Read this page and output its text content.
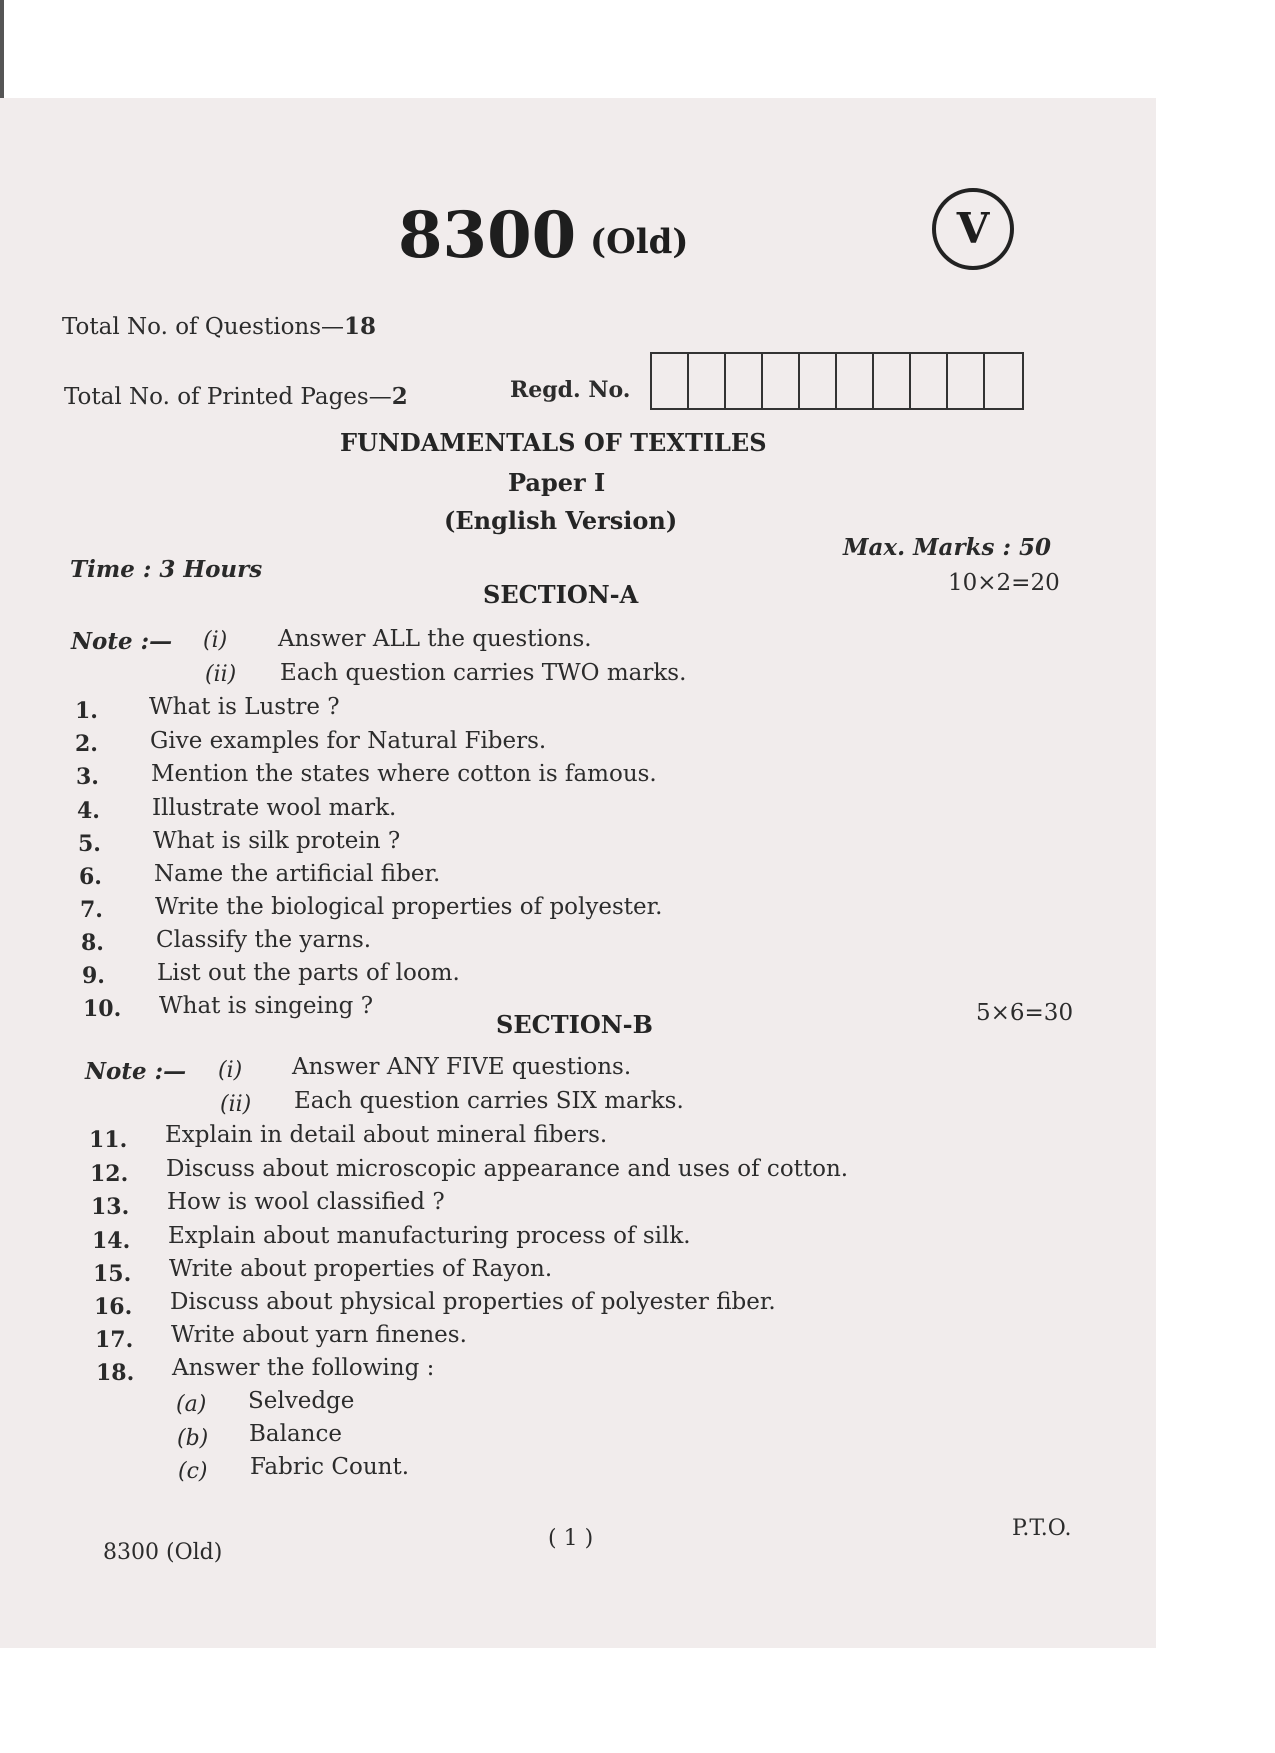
8300 (Old)	V
Total No. of Questions—18
Total No. of Printed Pages—2	Regd. No.
FUNDAMENTALS OF TEXTILES
Paper I
(English Version)
Time : 3 Hours
Max. Marks : 50
SECTION-A	10×2=20
Note :— (i) Answer ALL the questions.
(ii) Each question carries TWO marks.
1. What is Lustre ?
2. Give examples for Natural Fibers.
3. Mention the states where cotton is famous.
4. Illustrate wool mark.
5. What is silk protein ?
6. Name the artificial fiber.
7. Write the biological properties of polyester.
8. Classify the yarns.
9. List out the parts of loom.
10. What is singeing ?
SECTION-B	5×6=30
Note :— (i) Answer ANY FIVE questions.
(ii) Each question carries SIX marks.
11. Explain in detail about mineral fibers.
12. Discuss about microscopic appearance and uses of cotton.
13. How is wool classified ?
14. Explain about manufacturing process of silk.
15. Write about properties of Rayon.
16. Discuss about physical properties of polyester fiber.
17. Write about yarn finenes.
18. Answer the following :
(a) Selvedge
(b) Balance
(c) Fabric Count.
8300 (Old)
( 1 )	P.T.O.
